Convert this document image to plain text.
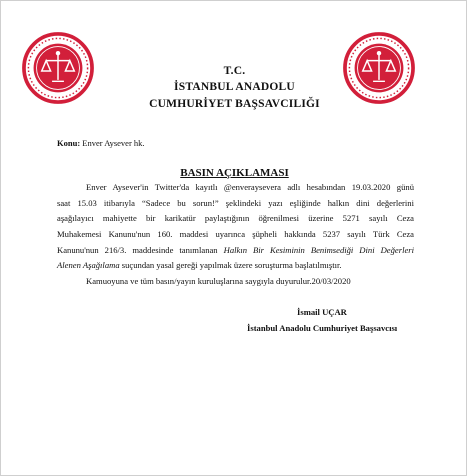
1920
T.C.
İSTANBUL ANADOLU
CUMHURİYET BAŞSAVCILIĞI
Konu: Enver Aysever hk.
BASIN AÇIKLAMASI
Enver Aysever'in Twitter'da kayıtlı @enveraysevera adlı hesabından 19.03.2020 günü
saat 15.03 itibarıyla “Sadece bu sorun!” şeklindeki yazı eşliğinde halkın dini değerlerini
aşağılayıcı mahiyette bir karikatür paylaştığının öğrenilmesi üzerine 5271 sayılı Ceza
Muhakemesi Kanunu'nun 160. maddesi uyarınca şüpheli hakkında 5237 sayılı Türk Ceza
Kanunu'nun 216/3. maddesinde tanımlanan Halkın Bir Kesiminin Benimsediği Dini Değerleri
Alenen Aşağılama suçundan yasal gereği yapılmak üzere soruşturma başlatılmıştır.
Kamuoyuna ve tüm basın/yayın kuruluşlarına saygıyla duyurulur.20/03/2020
İsmail UÇAR
İstanbul Anadolu Cumhuriyet Başsavcısı
